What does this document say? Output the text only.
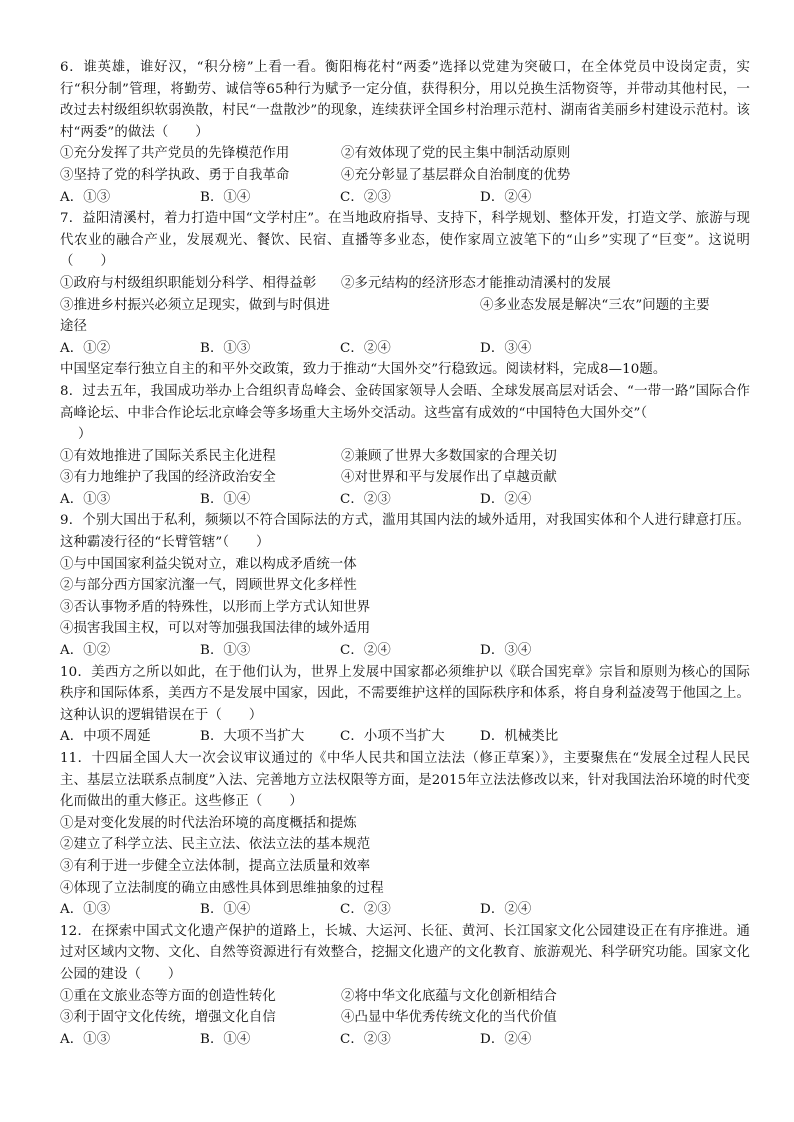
6．谁英雄，谁好汉，“积分榜”上看一看。衡阳梅花村“两委”选择以党建为突破口，在全体党员中设岗定责，实行“积分制”管理，将勤劳、诚信等65种行为赋予一定分值，获得积分，用以兑换生活物资等，并带动其他村民，一改过去村级组织软弱涣散，村民“一盘散沙”的现象，连续获评全国乡村治理示范村、湖南省美丽乡村建设示范村。该村“两委”的做法（　　）

①充分发挥了共产党员的先锋模范作用	②有效体现了党的民主集中制活动原则
③坚持了党的科学执政、勇于自我革命	④充分彰显了基层群众自治制度的优势
A．①③	B．①④	C．②③	D．②④

7．益阳清溪村，着力打造中国“文学村庄”。在当地政府指导、支持下，科学规划、整体开发，打造文学、旅游与现代农业的融合产业，发展观光、餐饮、民宿、直播等多业态，使作家周立波笔下的“山乡”实现了“巨变”。这说明（　　）

①政府与村级组织职能划分科学、相得益彰	②多元结构的经济形态才能推动清溪村的发展
③推进乡村振兴必须立足现实，做到与时俱进	④多业态发展是解决“三农”问题的主要

途径

A．①②	B．①③	C．②④	D．③④

中国坚定奉行独立自主的和平外交政策，致力于推动“大国外交”行稳致远。阅读材料，完成8—10题。

8．过去五年，我国成功举办上合组织青岛峰会、金砖国家领导人会晤、全球发展高层对话会、“一带一路”国际合作高峰论坛、中非合作论坛北京峰会等多场重大主场外交活动。这些富有成效的“中国特色大国外交”（

）

①有效地推进了国际关系民主化进程	②兼顾了世界大多数国家的合理关切
③有力地维护了我国的经济政治安全	④对世界和平与发展作出了卓越贡献
A．①③	B．①④	C．②③	D．②④

9．个别大国出于私利，频频以不符合国际法的方式，滥用其国内法的域外适用，对我国实体和个人进行肆意打压。这种霸凌行径的“长臂管辖”（　　）

①与中国国家利益尖锐对立，难以构成矛盾统一体

②与部分西方国家沆瀣一气，罔顾世界文化多样性

③否认事物矛盾的特殊性，以形而上学方式认知世界

④损害我国主权，可以对等加强我国法律的域外适用

A．①②	B．①③	C．②④	D．③④

10．美西方之所以如此，在于他们认为，世界上发展中国家都必须维护以《联合国宪章》宗旨和原则为核心的国际秩序和国际体系，美西方不是发展中国家，因此，不需要维护这样的国际秩序和体系，将自身利益凌驾于他国之上。这种认识的逻辑错误在于（　　）

A．中项不周延	B．大项不当扩大	C．小项不当扩大	D．机械类比

11．十四届全国人大一次会议审议通过的《中华人民共和国立法法（修正草案）》，主要聚焦在“发展全过程人民民主、基层立法联系点制度”入法、完善地方立法权限等方面，是2015年立法法修改以来，针对我国法治环境的时代变化而做出的重大修正。这些修正（　　）

①是对变化发展的时代法治环境的高度概括和提炼

②建立了科学立法、民主立法、依法立法的基本规范

③有利于进一步健全立法体制，提高立法质量和效率

④体现了立法制度的确立由感性具体到思维抽象的过程

A．①③	B．①④	C．②③	D．②④

12．在探索中国式文化遗产保护的道路上，长城、大运河、长征、黄河、长江国家文化公园建设正在有序推进。通过对区域内文物、文化、自然等资源进行有效整合，挖掘文化遗产的文化教育、旅游观光、科学研究功能。国家文化公园的建设（　　）

①重在文旅业态等方面的创造性转化	②将中华文化底蕴与文化创新相结合
③利于固守文化传统，增强文化自信	④凸显中华优秀传统文化的当代价值
A．①③	B．①④	C．②③	D．②④
